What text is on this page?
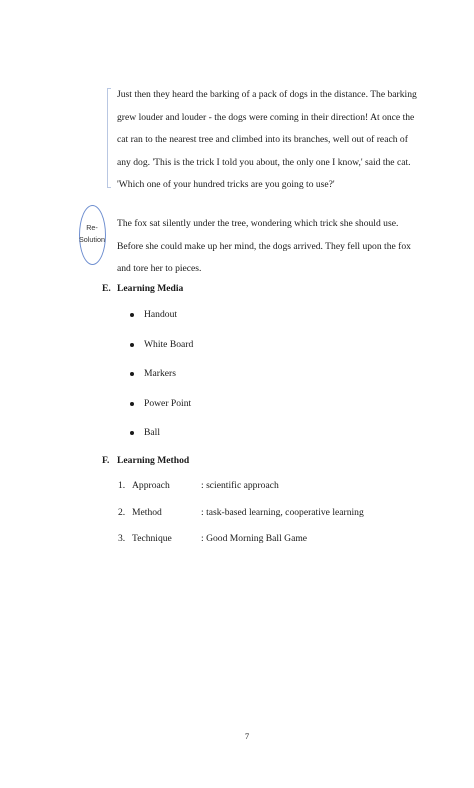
Just then they heard the barking of a pack of dogs in the distance. The barking grew louder and louder - the dogs were coming in their direction! At once the cat ran to the nearest tree and climbed into its branches, well out of reach of any dog. 'This is the trick I told you about, the only one I know,' said the cat. 'Which one of your hundred tricks are you going to use?'

Re-
Solution

The fox sat silently under the tree, wondering which trick she should use. Before she could make up her mind, the dogs arrived. They fell upon the fox and tore her to pieces.

E. Learning Media
Handout
White Board
Markers
Power Point
Ball
F. Learning Method
1. Approach	: scientific approach
2. Method	: task-based learning, cooperative learning
3. Technique	: Good Morning Ball Game
7
